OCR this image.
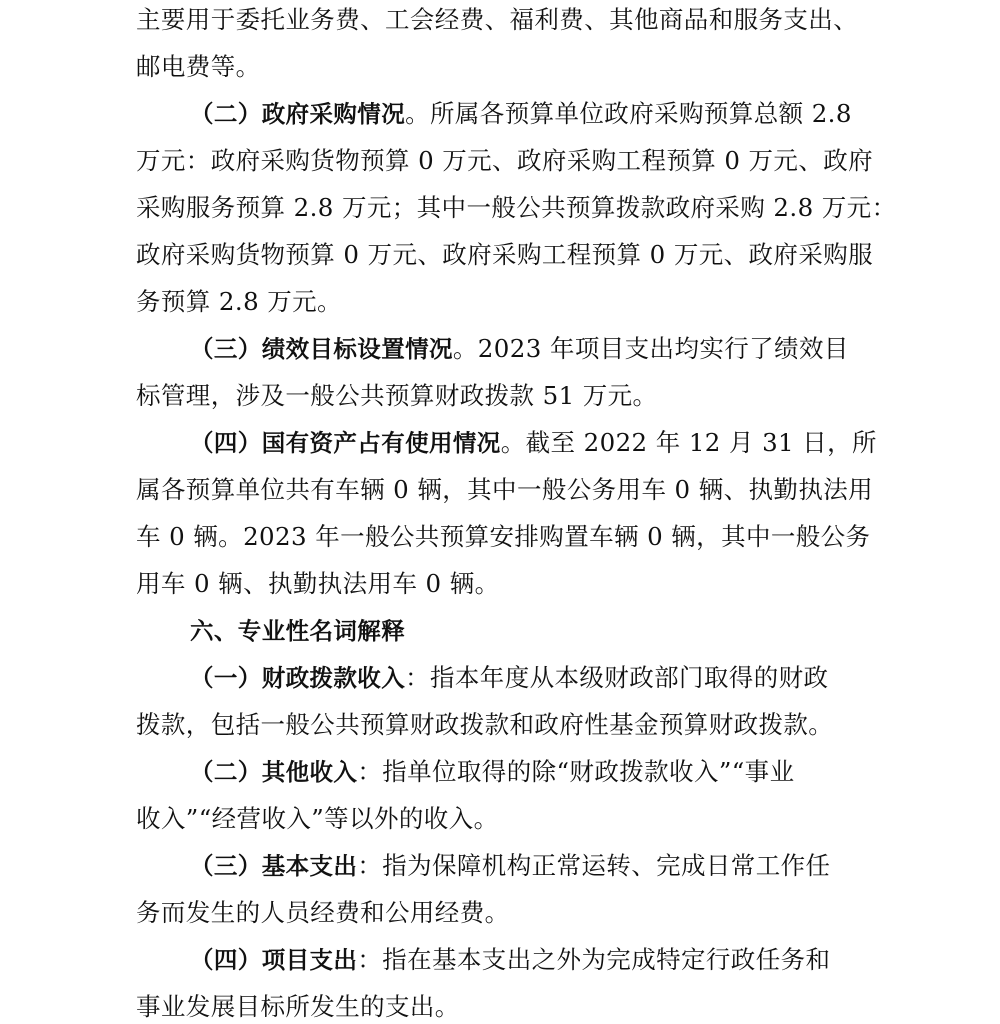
主要用于委托业务费、工会经费、福利费、其他商品和服务支出、
邮电费等。
（二）政府采购情况。所属各预算单位政府采购预算总额 2.8
万元：政府采购货物预算 0 万元、政府采购工程预算 0 万元、政府
采购服务预算 2.8 万元；其中一般公共预算拨款政府采购 2.8 万元：
政府采购货物预算 0 万元、政府采购工程预算 0 万元、政府采购服
务预算 2.8 万元。
（三）绩效目标设置情况。2023 年项目支出均实行了绩效目
标管理，涉及一般公共预算财政拨款 51 万元。
（四）国有资产占有使用情况。截至 2022 年 12 月 31 日，所
属各预算单位共有车辆 0 辆，其中一般公务用车 0 辆、执勤执法用
车 0 辆。2023 年一般公共预算安排购置车辆 0 辆，其中一般公务
用车 0 辆、执勤执法用车 0 辆。
六、专业性名词解释
（一）财政拨款收入：指本年度从本级财政部门取得的财政
拨款，包括一般公共预算财政拨款和政府性基金预算财政拨款。
（二）其他收入：指单位取得的除“财政拨款收入”“事业
收入”“经营收入”等以外的收入。
（三）基本支出：指为保障机构正常运转、完成日常工作任
务而发生的人员经费和公用经费。
（四）项目支出：指在基本支出之外为完成特定行政任务和
事业发展目标所发生的支出。
